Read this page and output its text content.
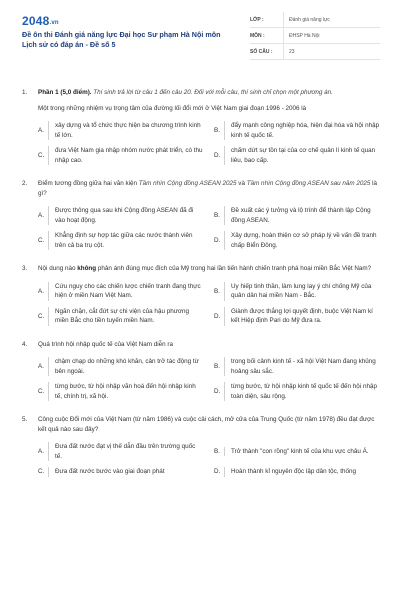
2048.vn
Đề ôn thi Đánh giá năng lực Đại học Sư phạm Hà Nội môn Lịch sử có đáp án - Đề số 5
LỚP :	Đánh giá năng lực
MÔN :	ĐHSP Hà Nội
SỐ CÂU :	23
1.	Phần 1 (5,0 điểm). Thí sinh trả lời từ câu 1 đến câu 20. Đối với mỗi câu, thí sinh chỉ chọn một phương án.
Một trong những nhiệm vụ trọng tâm của đường lối đổi mới ở Việt Nam giai đoạn 1996 - 2006 là
A.
xây dựng và tổ chức thực hiện ba chương trình kinh tế lớn.
B.
đẩy mạnh công nghiệp hóa, hiện đại hóa và hội nhập kinh tế quốc tế.
C.
đưa Việt Nam gia nhập nhóm nước phát triển, có thu nhập cao.
D.
chấm dứt sự tồn tại của cơ chế quản lí kinh tế quan liêu, bao cấp.
2.	Điểm tương đồng giữa hai văn kiện Tầm nhìn Cộng đồng ASEAN 2025 và Tầm nhìn Cộng đồng ASEAN sau năm 2025 là gì?
A.
Được thông qua sau khi Cộng đồng ASEAN đã đi vào hoạt động.
B.
Đề xuất các ý tưởng và lộ trình để thành lập Cộng đồng ASEAN.
C.
Khẳng định sự hợp tác giữa các nước thành viên trên cả ba trụ cột.
D.
Xây dựng, hoàn thiện cơ sở pháp lý về vấn đề tranh chấp Biển Đông.
3.	Nội dung nào không phản ánh đúng mục đích của Mỹ trong hai lần tiến hành chiến tranh phá hoại miền Bắc Việt Nam?
A.
Cứu nguy cho các chiến lược chiến tranh đang thực hiện ở miền Nam Việt Nam.
B.
Uy hiếp tinh thần, làm lung lay ý chí chống Mỹ của quân dân hai miền Nam - Bắc.
C.
Ngăn chặn, cắt đứt sự chi viện của hậu phương miền Bắc cho tiền tuyến miền Nam.
D.
Giành được thắng lợi quyết định, buộc Việt Nam kí kết Hiệp định Pari do Mỹ đưa ra.
4.	Quá trình hội nhập quốc tế của Việt Nam diễn ra
A.
chậm chạp do những khó khăn, cản trở tác động từ bên ngoài.
B.
trong bối cảnh kinh tế - xã hội Việt Nam đang khủng hoảng sâu sắc.
C.
từng bước, từ hội nhập văn hoá đến hội nhập kinh tế, chính trị, xã hội.
D.
từng bước, từ hội nhập kinh tế quốc tế đến hội nhập toàn diện, sâu rộng.
5.	Công cuộc Đổi mới của Việt Nam (từ năm 1986) và cuộc cải cách, mở cửa của Trung Quốc (từ năm 1978) đều đạt được kết quả nào sau đây?
A.
Đưa đất nước đạt vị thế dẫn đầu trên trường quốc tế.
B.	Trở thành "con rồng" kinh tế của khu vực châu Á.
C.	Đưa đất nước bước vào giai đoạn phát	D.	Hoàn thành kỉ nguyên độc lập dân tộc, thống
